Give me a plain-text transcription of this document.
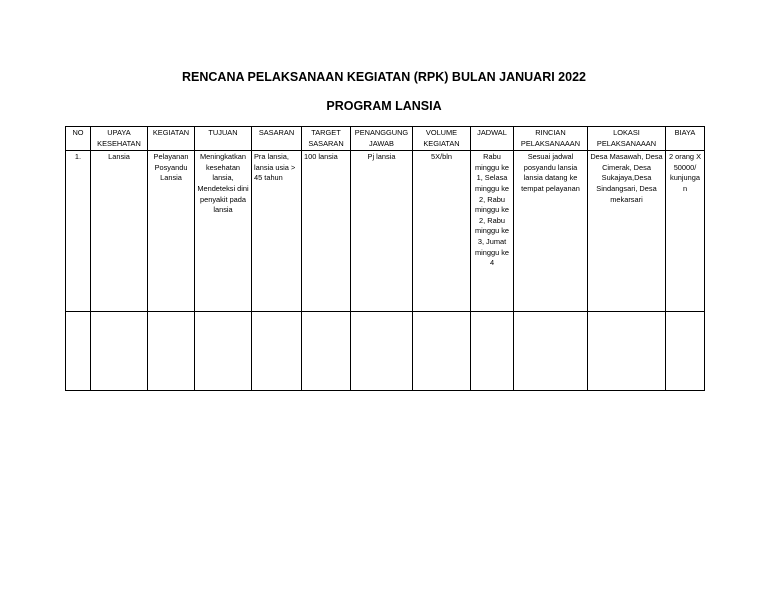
RENCANA PELAKSANAAN KEGIATAN (RPK) BULAN JANUARI 2022
PROGRAM LANSIA
NO	UPAYA KESEHATAN	KEGIATAN	TUJUAN	SASARAN	TARGET SASARAN	PENANGGUNG JAWAB	VOLUME KEGIATAN	JADWAL	RINCIAN PELAKSANAAAN	LOKASI PELAKSANAAAN	BIAYA
1.	Lansia	Pelayanan Posyandu Lansia	Meningkatkan kesehatan lansia, Mendeteksi dini penyakit pada lansia	Pra lansia, lansia usia > 45 tahun	100 lansia	Pj lansia	5X/bln	Rabu minggu ke 1, Selasa minggu ke 2, Rabu minggu ke 2, Rabu minggu ke 3, Jumat minggu ke 4	Sesuai jadwal posyandu lansia lansia datang ke tempat pelayanan	Desa Masawah, Desa Cimerak, Desa Sukajaya,Desa Sindangsari, Desa mekarsari	2 orang X 50000/ kunjungan
